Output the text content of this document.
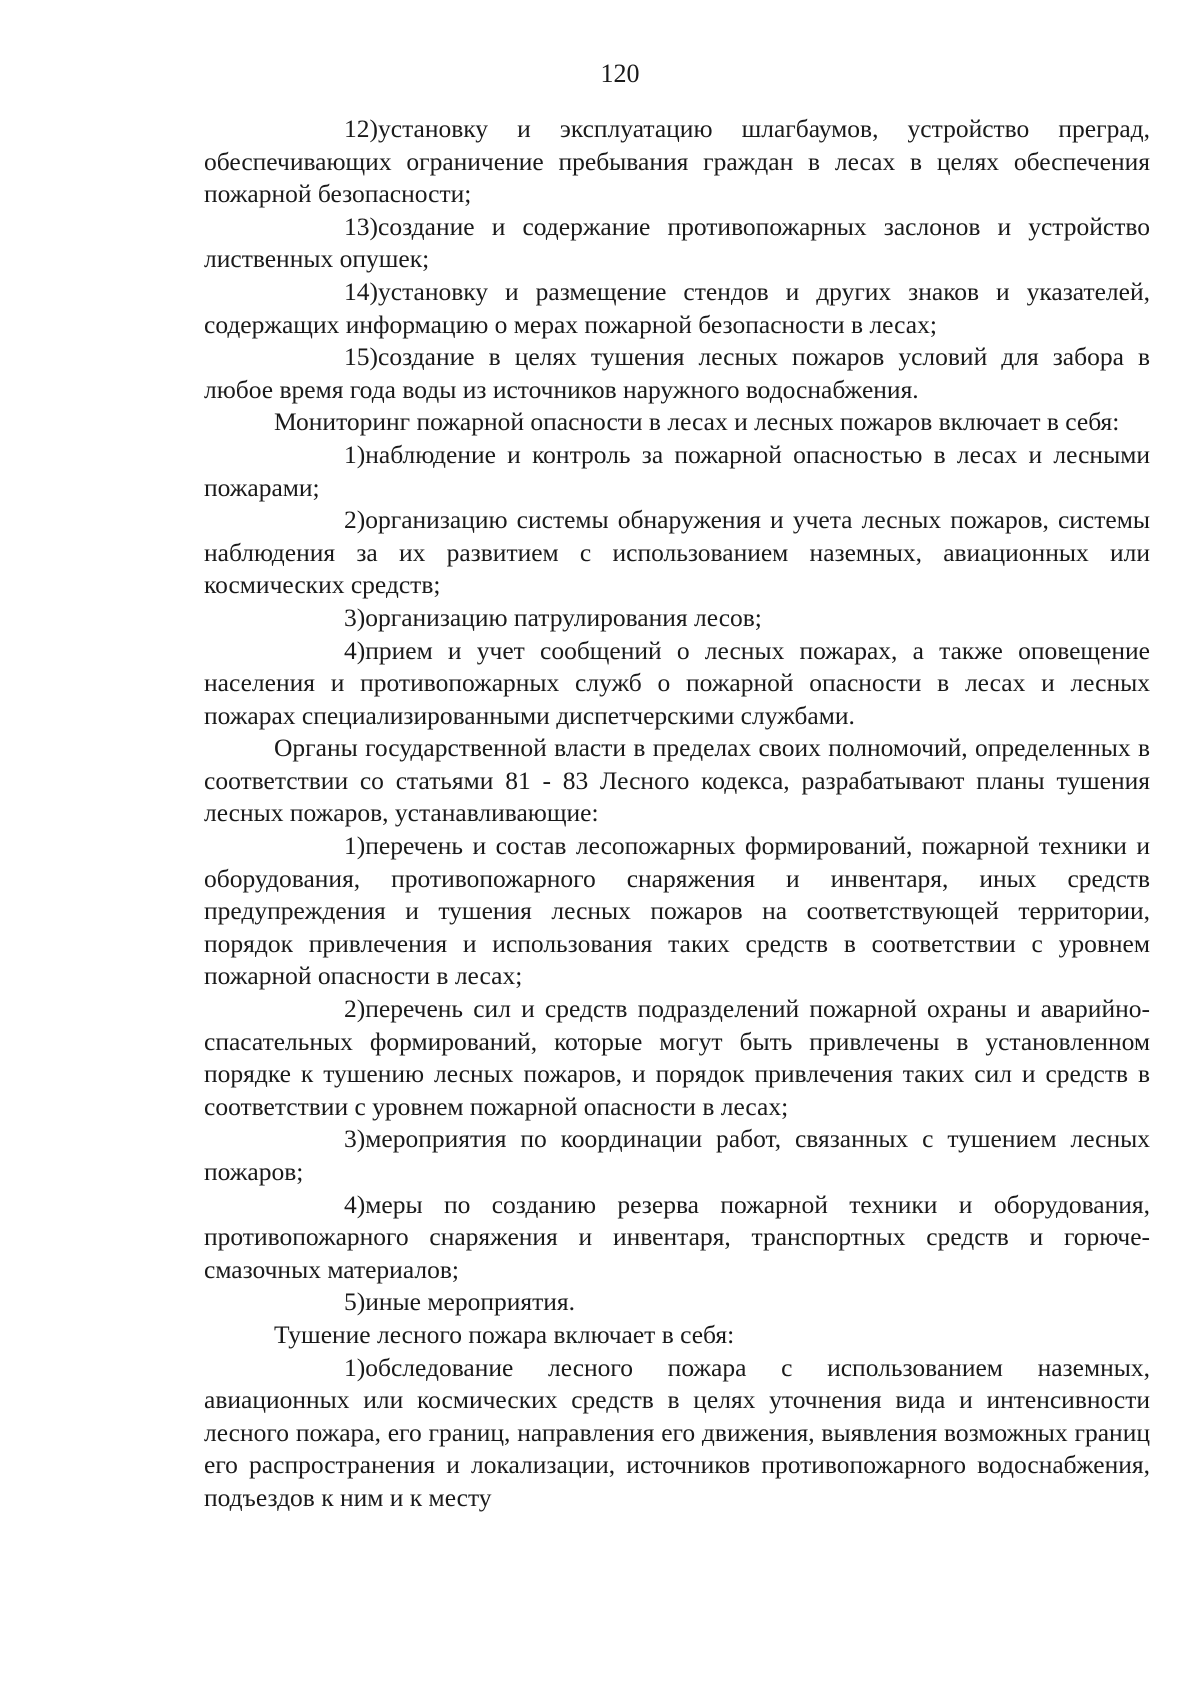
120

12)установку и эксплуатацию шлагбаумов, устройство преград, обеспечивающих ограничение пребывания граждан в лесах в целях обеспечения пожарной безопасности;

13)создание и содержание противопожарных заслонов и устройство лиственных опушек;

14)установку и размещение стендов и других знаков и указателей, содержащих информацию о мерах пожарной безопасности в лесах;

15)создание в целях тушения лесных пожаров условий для забора в любое время года воды из источников наружного водоснабжения.

Мониторинг пожарной опасности в лесах и лесных пожаров включает в себя:

1)наблюдение и контроль за пожарной опасностью в лесах и лесными пожарами;

2)организацию системы обнаружения и учета лесных пожаров, системы наблюдения за их развитием с использованием наземных, авиационных или космических средств;

3)организацию патрулирования лесов;

4)прием и учет сообщений о лесных пожарах, а также оповещение населения и противопожарных служб о пожарной опасности в лесах и лесных пожарах специализированными диспетчерскими службами.

Органы государственной власти в пределах своих полномочий, определенных в соответствии со статьями 81 - 83 Лесного кодекса, разрабатывают планы тушения лесных пожаров, устанавливающие:

1)перечень и состав лесопожарных формирований, пожарной техники и оборудования, противопожарного снаряжения и инвентаря, иных средств предупреждения и тушения лесных пожаров на соответствующей территории, порядок привлечения и использования таких средств в соответствии с уровнем пожарной опасности в лесах;

2)перечень сил и средств подразделений пожарной охраны и аварийно-спасательных формирований, которые могут быть привлечены в установленном порядке к тушению лесных пожаров, и порядок привлечения таких сил и средств в соответствии с уровнем пожарной опасности в лесах;

3)мероприятия по координации работ, связанных с тушением лесных пожаров;

4)меры по созданию резерва пожарной техники и оборудования, противопожарного снаряжения и инвентаря, транспортных средств и горюче-смазочных материалов;

5)иные мероприятия.

Тушение лесного пожара включает в себя:

1)обследование лесного пожара с использованием наземных, авиационных или космических средств в целях уточнения вида и интенсивности лесного пожара, его границ, направления его движения, выявления возможных границ его распространения и локализации, источников противопожарного водоснабжения, подъездов к ним и к месту
